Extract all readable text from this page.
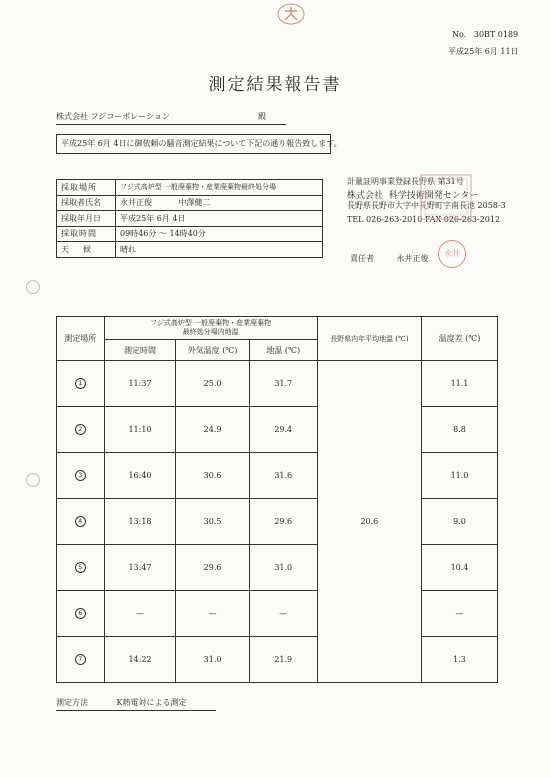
No. 30BT 0189
平成25年 6月 11日
測定結果報告書
株式会社 フジコーポレーション	殿
平成25年 6月 4日に御依頼の騒音測定結果について下記の通り報告致します。
採取場所	フジ式高炉型 一般廃棄物・産業廃棄物最終処分場
採取者氏名	永井正俊 中澤健二
採取年月日	平成25年 6月 4日
採取時間	09時46分 ～ 14時40分
天候	晴れ
計量証明事業登録長野県 第31号
株式会社 科学技術開発センター
長野県長野市大字中長野町字南長池 2058-3
TEL 026-263-2010 FAX 026-263-2012
責任者	永井正俊
永井
測定場所	フジ式高炉型 一般廃棄物・産業廃棄物
最終処分場内地温			長野県内年平均地温 (℃)	温度差 (℃)
	測定時間	外気温度 (℃)	地温 (℃)		
1	11:37	25.0	31.7	20.6	11.1
2	11:10	24.9	29.4		8.8
3	16:40	30.6	31.6		11.0
4	13:18	30.5	29.6		9.0
5	13:47	29.6	31.0		10.4
6	—	—	—		—
7	14:22	31.0	21.9		1.3
測定方法	K熱電対による測定
